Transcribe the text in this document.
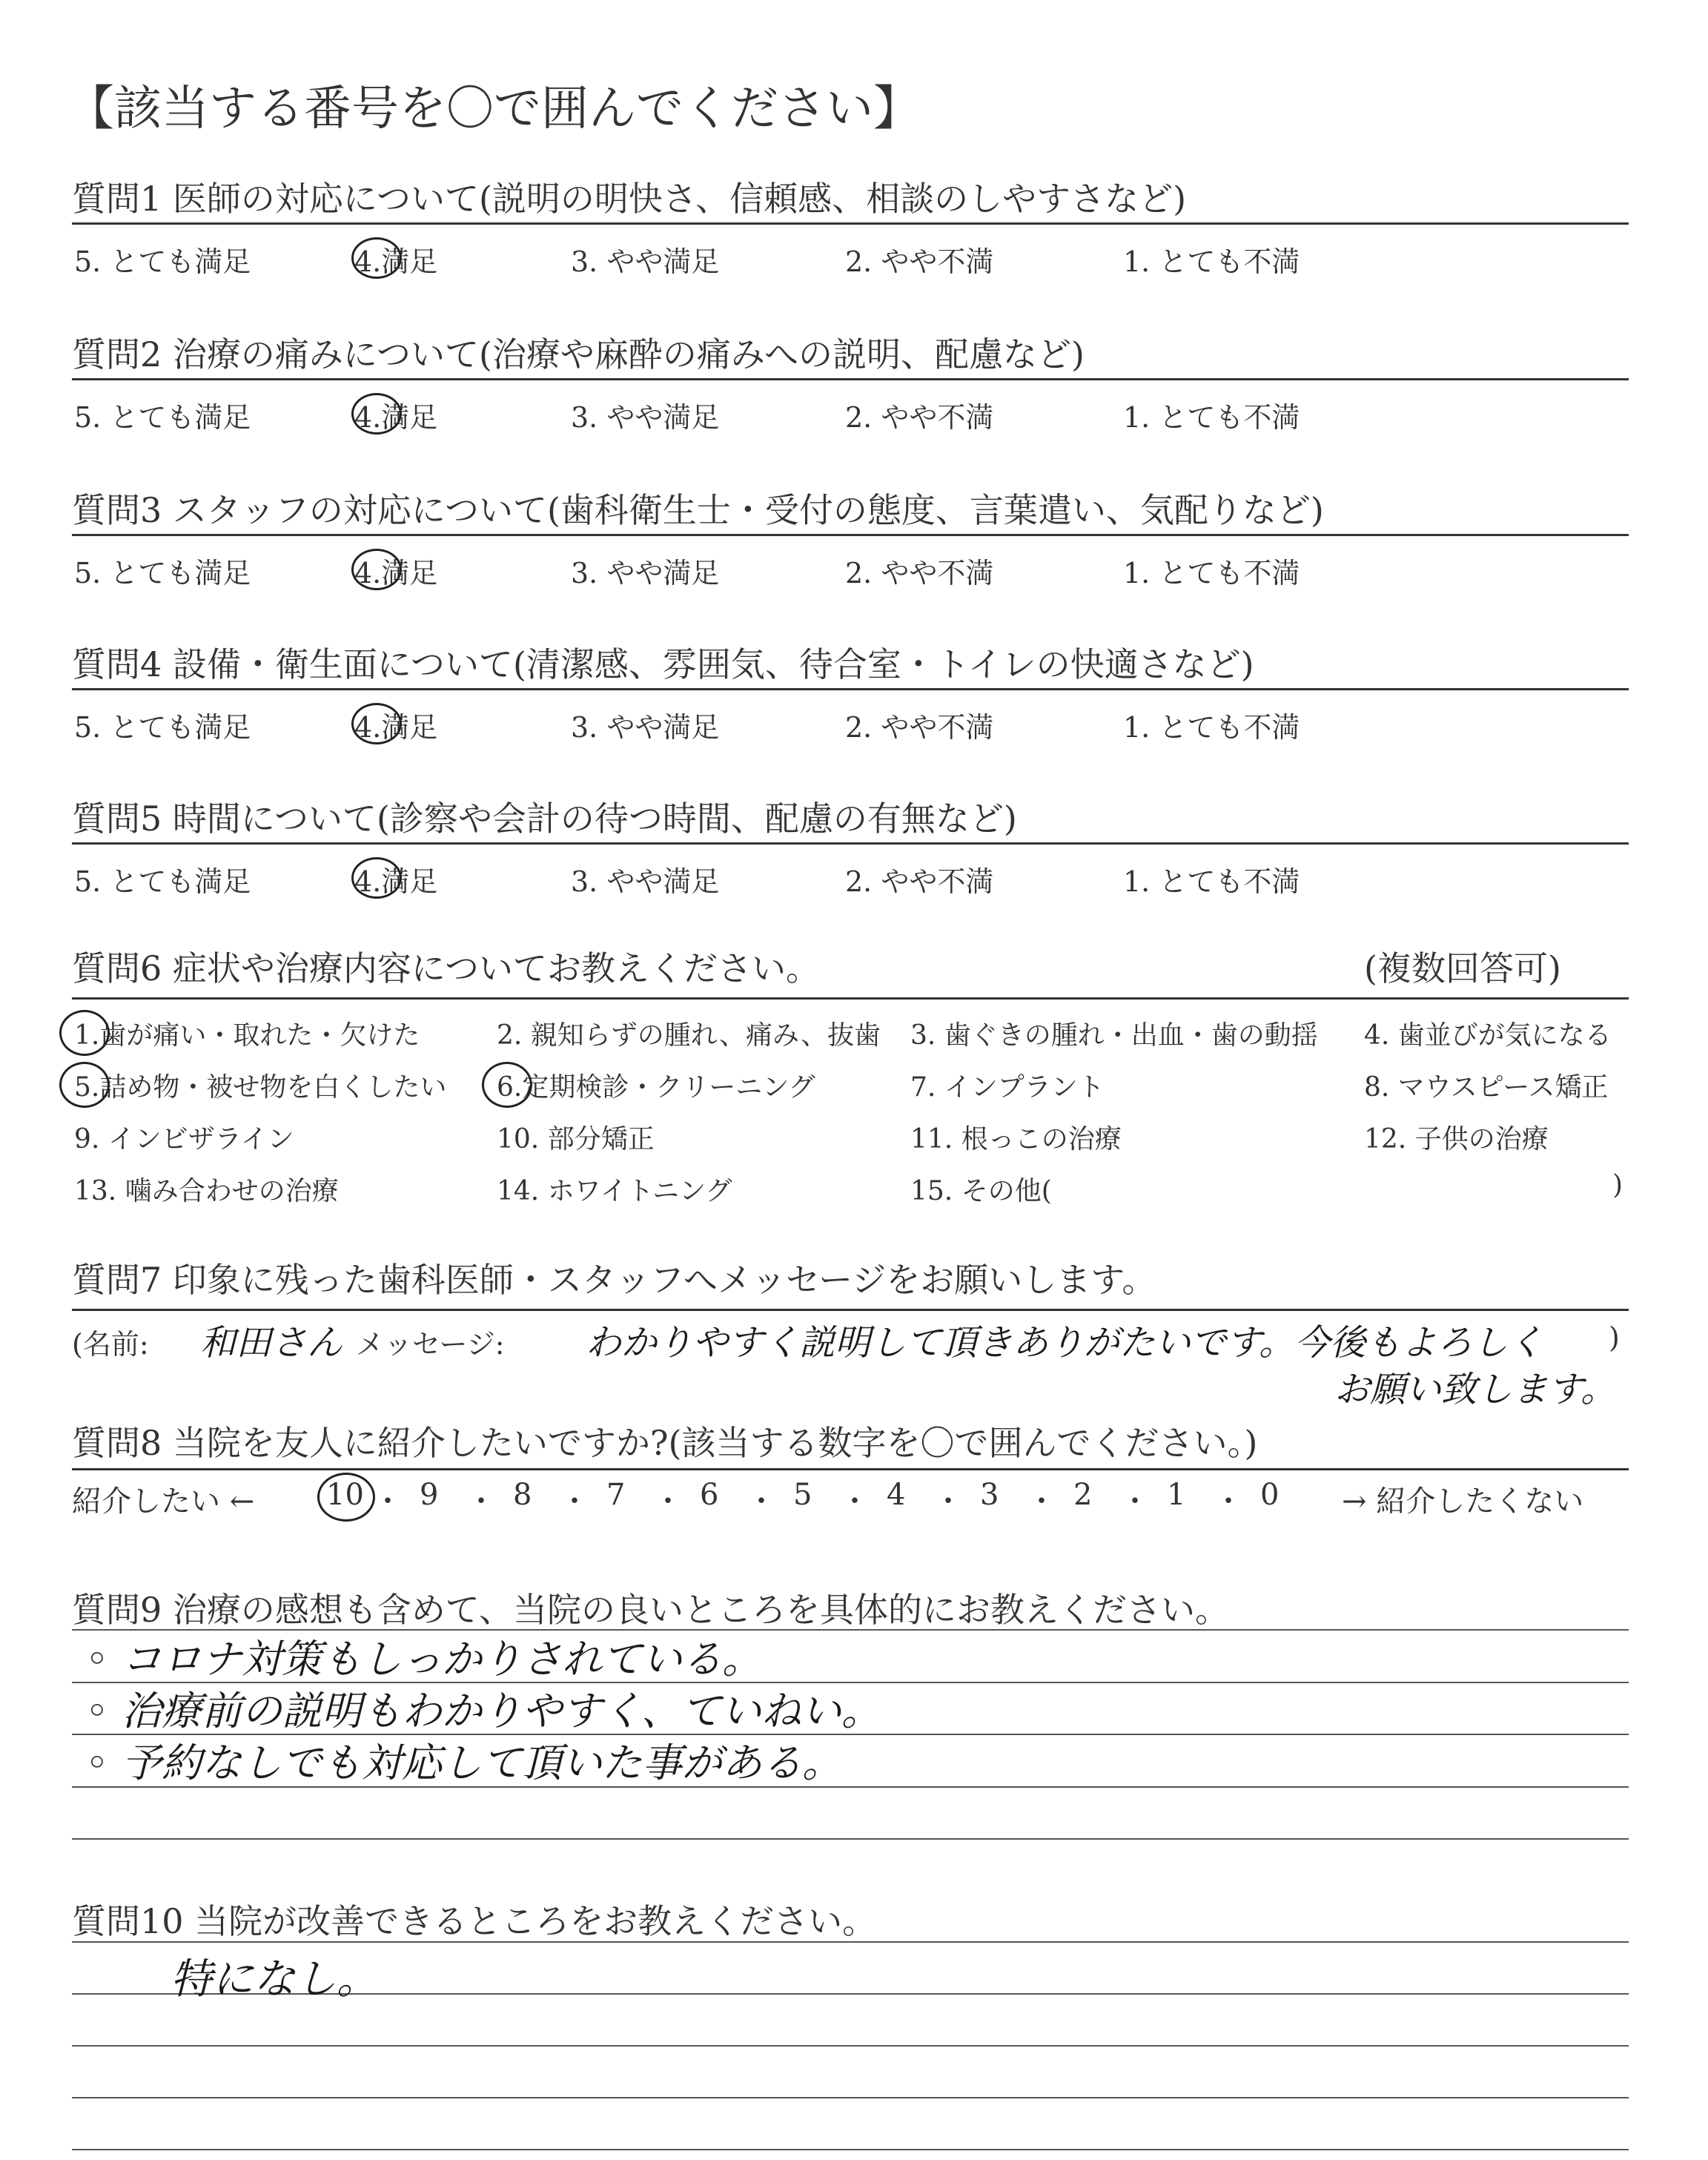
【該当する番号を〇で囲んでください】
質問1 医師の対応について(説明の明快さ、信頼感、相談のしやすさなど)
5. とても満足	4.満足	3. やや満足	2. やや不満	1. とても不満
質問2 治療の痛みについて(治療や麻酔の痛みへの説明、配慮など)
5. とても満足	4.満足	3. やや満足	2. やや不満	1. とても不満
質問3 スタッフの対応について(歯科衛生士・受付の態度、言葉遣い、気配りなど)
5. とても満足	4.満足	3. やや満足	2. やや不満	1. とても不満
質問4 設備・衛生面について(清潔感、雰囲気、待合室・トイレの快適さなど)
5. とても満足	4.満足	3. やや満足	2. やや不満	1. とても不満
質問5 時間について(診察や会計の待つ時間、配慮の有無など)
5. とても満足	4.満足	3. やや満足	2. やや不満	1. とても不満
質問6 症状や治療内容についてお教えください。	(複数回答可)
1.歯が痛い・取れた・欠けた	2. 親知らずの腫れ、痛み、抜歯 3. 歯ぐきの腫れ・出血・歯の動揺 4. 歯並びが気になる
5.詰め物・被せ物を白くしたい 6.定期検診・クリーニング	7. インプラント	8. マウスピース矯正
9. インビザライン	10. 部分矯正	11. 根っこの治療	12. 子供の治療
13. 噛み合わせの治療	14. ホワイトニング	15. その他(	)
質問7 印象に残った歯科医師・スタッフへメッセージをお願いします。
(名前: 和田さん メッセージ: わかりやすく説明して頂きありがたいです。今後もよろしく )
お願い致します。
質問8 当院を友人に紹介したいですか?(該当する数字を〇で囲んでください。)
紹介したい ← 10 ・ 9 ・ 8 ・ 7 ・ 6 ・ 5 ・ 4 ・ 3 ・ 2 ・ 1 ・ 0 → 紹介したくない
質問9 治療の感想も含めて、当院の良いところを具体的にお教えください。
◦ コロナ対策もしっかりされている。
◦ 治療前の説明もわかりやすく、ていねい。
◦ 予約なしでも対応して頂いた事がある。
質問10 当院が改善できるところをお教えください。
特になし。
